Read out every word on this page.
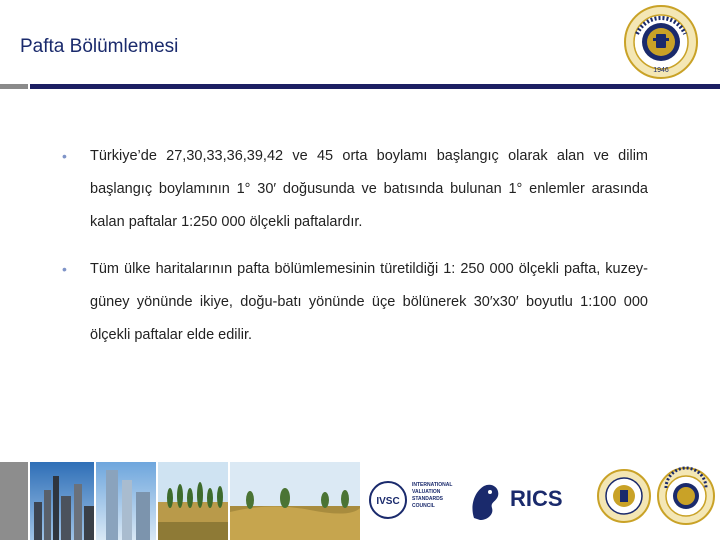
Pafta Bölümlemesi
1946
• Türkiye’de 27,30,33,36,39,42 ve 45 orta boylamı başlangıç olarak alan ve dilim başlangıç boylamının 1° 30′ doğusunda ve batısında bulunan 1° enlemler arasında kalan paftalar 1:250 000 ölçekli paftalardır.
• Tüm ülke haritalarının pafta bölümlemesinin türetildiği 1: 250 000 ölçekli pafta, kuzey-güney yönünde ikiye, doğu-batı yönünde üçe bölünerek 30′x30′ boyutlu 1:100 000 ölçekli paftalar elde edilir.
IVSC
INTERNATIONAL VALUATION STANDARDS COUNCIL	RICS
